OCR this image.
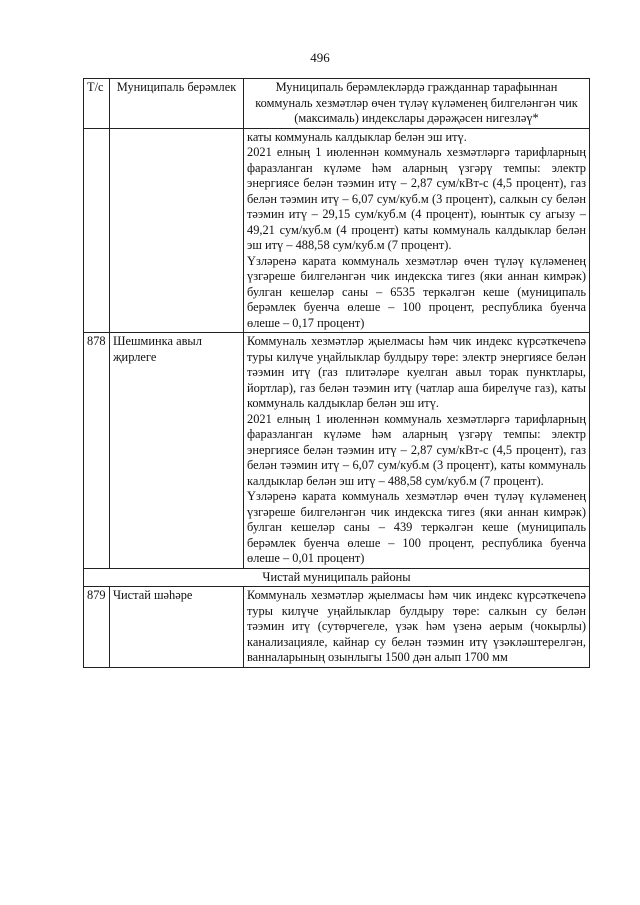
496
Т/с	Муниципаль берәмлек	Муниципаль берәмлекләрдә гражданнар тарафыннан коммуналь хезмәтләр өчен түләү күләменең билгеләнгән чик (максималь) индекслары дәрәҗәсен нигезләү*

		каты коммуналь калдыклар белән эш итү.

2021 елның 1 июленнән коммуналь хезмәтләргә тарифларның фаразланган күләме һәм аларның үзгәрү темпы: электр энергиясе белән тәэмин итү – 2,87 сум/кВт-с (4,5 процент), газ белән тәэмин итү – 6,07 сум/куб.м (3 процент), салкын су белән тәэмин итү – 29,15 сум/куб.м (4 процент), юынтык су агызу – 49,21 сум/куб.м (4 процент) каты коммуналь калдыклар белән эш итү – 488,58 сум/куб.м (7 процент).

Үзләренә карата коммуналь хезмәтләр өчен түләү күләменең үзгәреше билгеләнгән чик индекска тигез (яки аннан кимрәк) булган кешеләр саны – 6535 теркәлгән кеше (муниципаль берәмлек буенча өлеше – 100 процент, республика буенча өлеше – 0,17 процент)

878	Шешминка авыл җирлеге	Коммуналь хезмәтләр җыелмасы һәм чик индекс күрсәткечenә туры килүче уңайлыклар булдыру төре: электр энергиясе белән тәэмин итү (газ плитәләре куелган авыл торак пунктлары, йортлар), газ белән тәэмин итү (чатлар аша бирелүче газ), каты коммуналь калдыклар белән эш итү.

2021 елның 1 июленнән коммуналь хезмәтләргә тарифларның фаразланган күләме һәм аларның үзгәрү темпы: электр энергиясе белән тәэмин итү – 2,87 сум/кВт-с (4,5 процент), газ белән тәэмин итү – 6,07 сум/куб.м (3 процент), каты коммуналь калдыклар белән эш итү – 488,58 сум/куб.м (7 процент).

Үзләренә карата коммуналь хезмәтләр өчен түләү күләменең үзгәреше билгеләнгән чик индекска тигез (яки аннан кимрәк) булган кешеләр саны – 439 теркәлгән кеше (муниципаль берәмлек буенча өлеше – 100 процент, республика буенча өлеше – 0,01 процент)

Чистай муниципаль районы		
879	Чистай шәһәре	Коммуналь хезмәтләр җыелмасы һәм чик индекс күрсәткечenә туры килүче уңайлыклар булдыру төре: салкын су белән тәэмин итү (сутөрчегеле, үзәк һәм үзенә аерым (чокырлы) канализацияле, кайнар су белән тәэмин итү үзәкләштерелгән, ванналарының озынлыгы 1500 дән алып 1700 мм
